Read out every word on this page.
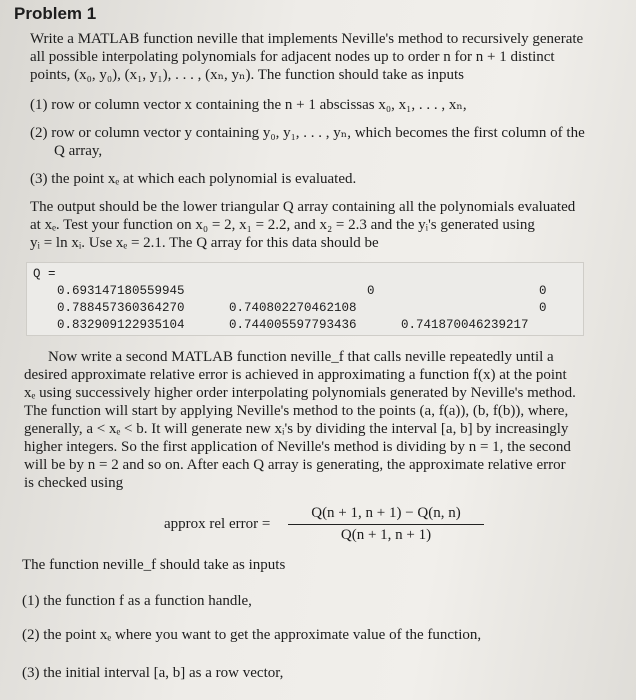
Problem 1
Write a MATLAB function neville that implements Neville's method to recursively generate
all possible interpolating polynomials for adjacent nodes up to order n for n + 1 distinct
points, (x₀, y₀), (x₁, y₁), . . . , (xₙ, yₙ). The function should take as inputs
(1) row or column vector x containing the n + 1 abscissas x₀, x₁, . . . , xₙ,
(2) row or column vector y containing y₀, y₁, . . . , yₙ, which becomes the first column of the
Q array,
(3) the point xₑ at which each polynomial is evaluated.
The output should be the lower triangular Q array containing all the polynomials evaluated
at xₑ. Test your function on x₀ = 2, x₁ = 2.2, and x₂ = 2.3 and the yᵢ's generated using
yᵢ = ln xᵢ. Use xₑ = 2.1. The Q array for this data should be
Q =
0.693147180559945	0	0
0.788457360364270	0.740802270462108	0
0.832909122935104	0.744005597793436	0.741870046239217
Now write a second MATLAB function neville_f that calls neville repeatedly until a
desired approximate relative error is achieved in approximating a function f(x) at the point
xₑ using successively higher order interpolating polynomials generated by Neville's method.
The function will start by applying Neville's method to the points (a, f(a)), (b, f(b)), where,
generally, a < xₑ < b. It will generate new xᵢ's by dividing the interval [a, b] by increasingly
higher integers. So the first application of Neville's method is dividing by n = 1, the second
will be by n = 2 and so on. After each Q array is generating, the approximate relative error
is checked using
approx rel error =
Q(n + 1, n + 1) − Q(n, n)
Q(n + 1, n + 1)
The function neville_f should take as inputs
(1) the function f as a function handle,
(2) the point xₑ where you want to get the approximate value of the function,
(3) the initial interval [a, b] as a row vector,
